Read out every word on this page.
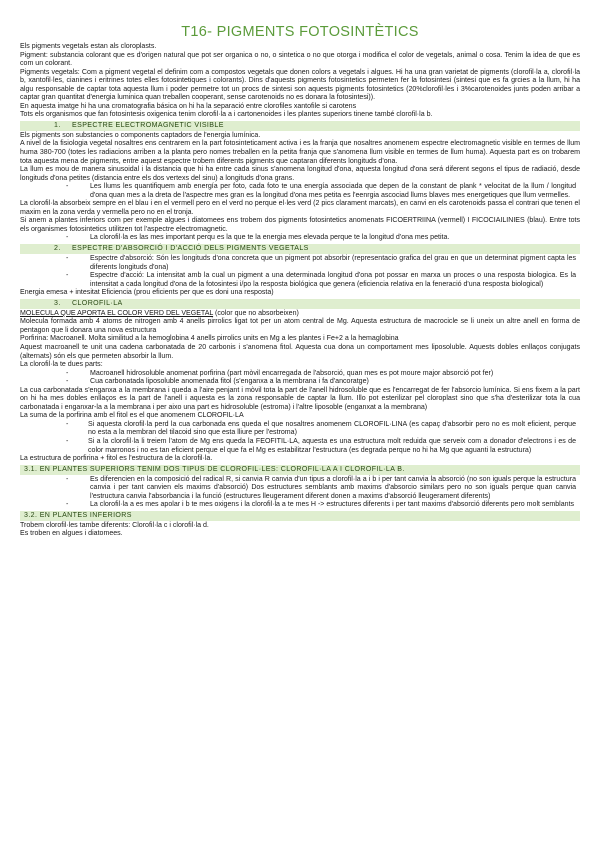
T16- PIGMENTS FOTOSINTÈTICS

Els pigments vegetals estan als cloroplasts.

Pigment: substancia colorant que es d'origen natural que pot ser organica o no, o sintetica o no que otorga i modifica el color de vegetals, animal o cosa. Tenim la idea de que es com un colorant.

Pigments vegetals: Com a pigment vegetal el definim com a compostos vegetals que donen colors a vegetals i algues. Hi ha una gran varietat de pigments (clorofil·la a, clorofil·la b, xantofil·les, cianines i eritrines totes elles fotosintetiques i colorants). Dins d'aquests pigments fotosintetics permeten fer la fotosintesi (sintesi que es fa grcies a la llum, hi ha algu responsable de captar tota aquesta llum i poder permetre tot un procs de sintesi son aquests pigments fotosintetics (20%clorofil·les i 3%carotenoides junts poden arribar a captar gran quantitat d'energia luminica quan treballen cooperant, sense carotenoids no es donara la fotosintesi)).

En aquesta imatge hi ha una cromatografia básica on hi ha la separació entre clorofiles xantofile si carotens

Tots els organismos que fan fotosintesis oxigenica tenim clorofil·la a i cartonenoides i les plantes superiors tinene també clorofil·la b.

1. ESPECTRE ELECTROMAGNETIC VISIBLE

Els pigments son substancies o components captadors de l'energia lumínica.

A nivel de la fisiologia vegetal nosaltres ens centrarem en la part fotosinteticament activa i es la franja que nosaltres anomenem espectre electromagnetic visible en termes de llum huma 380-700 (totes les radiacions arriben a la planta pero nomes treballen en la petita franja que s'anomena llum visible en termes de llum huma). Aquesta part es on trobarem tota aquesta mena de pigments, entre aquest espectre trobem diferents pigments que captaran diferents longituds d'ona.

La llum es mou de manera sinusoidal i la distancia que hi ha entre cada sinus s'anomena longitud d'ona, aquesta longitud d'ona será diferent segons el tipus de radiació, desde longituds d'ona petites (distancia entre els dos vertexs del sinu) a longituds d'ona grans.

- Les llums les quantifiquem amb energía per foto, cada foto te una energía associada que depen de la constant de plank * velocitat de la llum / longitud d'ona quan mes a la dreta de l'aspectre mes gran es la longitud d'ona mes petita es l'eenrgia ascociad llums blaves mes energetiques que llum vermelles.

La clorofil·la absorbeix sempre en el blau i en el vermell pero en el verd no perque el·les verd (2 pics clarament marcats), en canvi en els carotenoids passa el contrari que tenen el maxim en la zona verda y vermella pero no en el tronja.

Si anem a plantes inferiors com per exemple algues i diatomees ens trobem dos pigments fotosintetics anomenats FICOERTRIINA (vermell) I FICOCIAILINIES (blau). Entre tots els organismes fotosintetics utilitzen tot l'aspectre electromagnetic.

- La clorofil·la es las mes important perqu es la que te la energia mes elevada perque te la longitud d'ona mes petita.
2. ESPECTRE D'ABSORCIÓ I D'ACCIÓ DELS PIGMENTS VEGETALS
- Espectre d'absorció: Són les longituds d'ona concreta que un pigment pot absorbir (representacio grafica del grau en que un determinat pigment capta les diferents longituds d'ona)
- Espectre d'acció: La intensitat amb la cual un pigment a una determinada longitud d'ona pot possar en marxa un proces o una resposta biologica. Es la intensitat a cada longitud d'ona de la fotosintesi i/po la resposta biológica que genera (eficiencia relativa en la feneració d'una resposta biological)

Energia emesa + intesitat Eficiencia (prou eficients per que es doni una resposta)

3. CLOROFIL·LA

MOLECULA QUE APORTA EL COLOR VERD DEL VEGETAL (color que no absorbeixen)

Molecula formada amb 4 atoms de nitrogen amb 4 anells pirrolics ligat tot per un atom central de Mg. Aquesta estructura de macrocicle se li uneix un altre anell en forma de pentagon que li donara una nova estructura

Porfirina: Macroanell. Molta similitud a la hemoglobina 4 anells pirrolics units en Mg a les plantes i Fe+2 a la hemaglobina

Aquest macroanell te unit una cadena carbonatada de 20 carbonis i s'anomena fitol. Aquesta cua dona un comportament mes liposoluble. Aquests dobles enllaços conjugats (alternats) són els que permeten absorbir la llum.

La clorofil·la te dues parts:

- Macroanell hidrosoluble anomenat porfirina (part mòvil encarregada de l'absorció, quan mes es pot moure major absorció pot fer)
- Cua carbonatada liposoluble anomenada fitol (s'enganxa a la membrana i fa d'ancoratge)

La cua carbonatada s'enganxa a la membrana i queda a l'aire penjant i mòvil tota la part de l'anell hidrosoluble que es l'encarregat de fer l'absorcio lumínica. Si ens fixem a la part on hi ha mes dobles enllaços es la part de l'anell i aquesta es la zona responsable de captar la llum. Illo pot esterilizar pel cloroplast sino que s'ha d'esterilizar tota la cua carbonatada i enganxar-la a la membrana i per aixo una part es hidrosoluble (estroma) i l'altre liposoble (enganxat a la membrana)

La suma de la porfirina amb el fitol es el que anomenem CLOROFIL·LA

- Si aquesta clorofil·la perd la cua carbonada ens queda el que nosaltres anomenem CLOROFIL·LINA (es capaç d'absorbir pero no es molt eficient, perque no esta a la membran del tilacoid sino que esta lliure per l'estroma)
- Si a la clorofil·la li treiem l'atom de Mg ens queda la FEOFITIL·LA, aquesta es una estructura molt reduida que serveix com a donador d'electrons i es de color marronos i no es tan eficient perque el que fa el Mg es estabilitzar l'estructura (es degrada perque no hi ha Mg que aguanti la estructura)

La estructura de porfirina + fitol es l'estructura de la clorofil·la.

3.1. EN PLANTES SUPERIORS TENIM DOS TIPUS DE CLOROFIL·LES: CLOROFIL·LA A I CLOROFIL·LA B.
- Es diferencien en la composició del radical R, si canvia R canvia d'un tipus a clorofil·la a i b i per tant canvia la absorció (no son iguals perque la estructura canvia i per tant canvien els maxims d'absorció) Dos estructures semblants amb maxims d'absorcio similars pero no son iguals perque quan canvia l'estructura canvia l'absorbancia i la funció (estructures lleugerament diferent donen a maxims d'absorció lleugerament diferents)
- La clorofil·la a es mes apolar i b te mes oxigens i la clorofil·la a te mes H -> estructures diferents i per tant maxims d'absorció diferents pero molt semblants
3.2. EN PLANTES INFERIORS

Trobem clorofil·les tambe diferents: Clorofil·la c i clorofil·la d.

Es troben en algues i diatomees.
